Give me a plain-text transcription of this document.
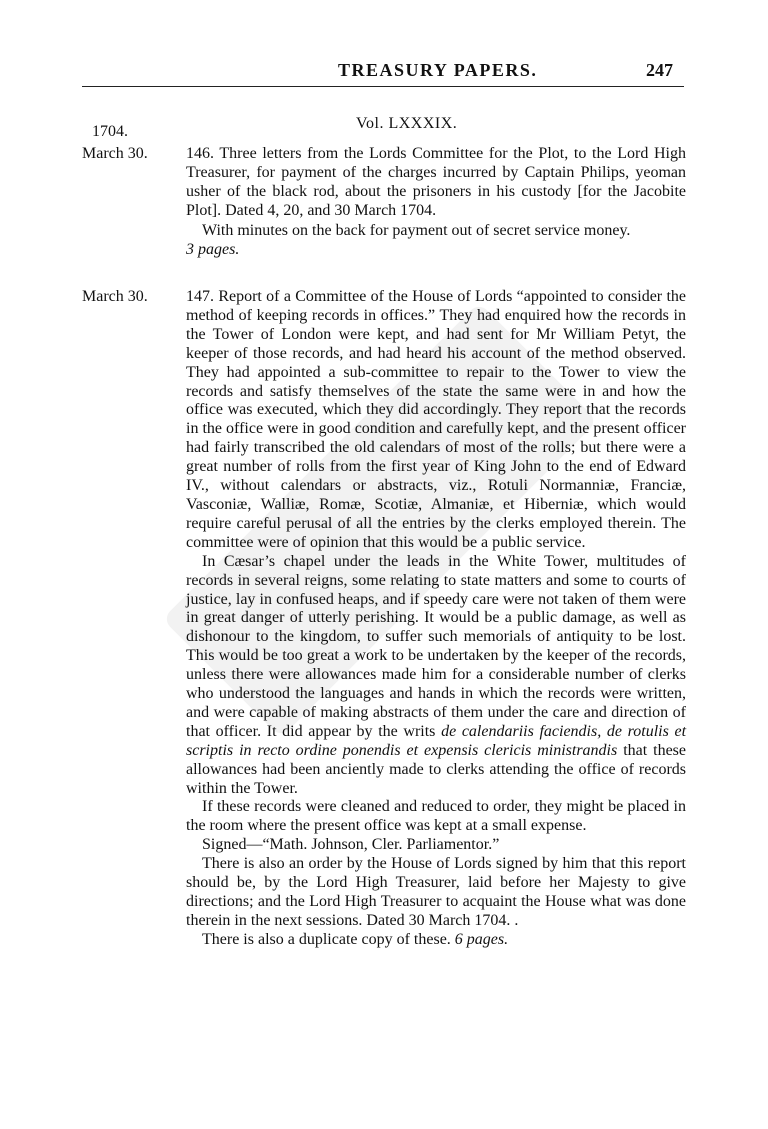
TREASURY PAPERS.	247
Vol. LXXXIX.
1704.
March 30.	146. Three letters from the Lords Committee for the Plot, to the Lord High Treasurer, for payment of the charges incurred by Captain Philips, yeoman usher of the black rod, about the prisoners in his custody [for the Jacobite Plot]. Dated 4, 20, and 30 March 1704.

With minutes on the back for payment out of secret service money.
3 pages.

March 30.	147. Report of a Committee of the House of Lords “appointed to consider the method of keeping records in offices.” They had enquired how the records in the Tower of London were kept, and had sent for Mr William Petyt, the keeper of those records, and had heard his account of the method observed. They had appointed a sub-committee to repair to the Tower to view the records and satisfy themselves of the state the same were in and how the office was executed, which they did accordingly. They report that the records in the office were in good condition and carefully kept, and the present officer had fairly transcribed the old calendars of most of the rolls; but there were a great number of rolls from the first year of King John to the end of Edward IV., without calendars or abstracts, viz., Rotuli Normanniæ, Franciæ, Vasconiæ, Walliæ, Romæ, Scotiæ, Almaniæ, et Hiberniæ, which would require careful perusal of all the entries by the clerks employed therein. The committee were of opinion that this would be a public service.

In Cæsar’s chapel under the leads in the White Tower, multitudes of records in several reigns, some relating to state matters and some to courts of justice, lay in confused heaps, and if speedy care were not taken of them were in great danger of utterly perishing. It would be a public damage, as well as dishonour to the kingdom, to suffer such memorials of antiquity to be lost. This would be too great a work to be undertaken by the keeper of the records, unless there were allowances made him for a considerable number of clerks who understood the languages and hands in which the records were written, and were capable of making abstracts of them under the care and direction of that officer. It did appear by the writs de calendariis faciendis, de rotulis et scriptis in recto ordine ponendis et expensis clericis ministrandis that these allowances had been anciently made to clerks attending the office of records within the Tower.

If these records were cleaned and reduced to order, they might be placed in the room where the present office was kept at a small expense.

Signed—“Math. Johnson, Cler. Parliamentor.”

There is also an order by the House of Lords signed by him that this report should be, by the Lord High Treasurer, laid before her Majesty to give directions; and the Lord High Treasurer to acquaint the House what was done therein in the next sessions. Dated 30 March 1704. .

There is also a duplicate copy of these. 6 pages.
